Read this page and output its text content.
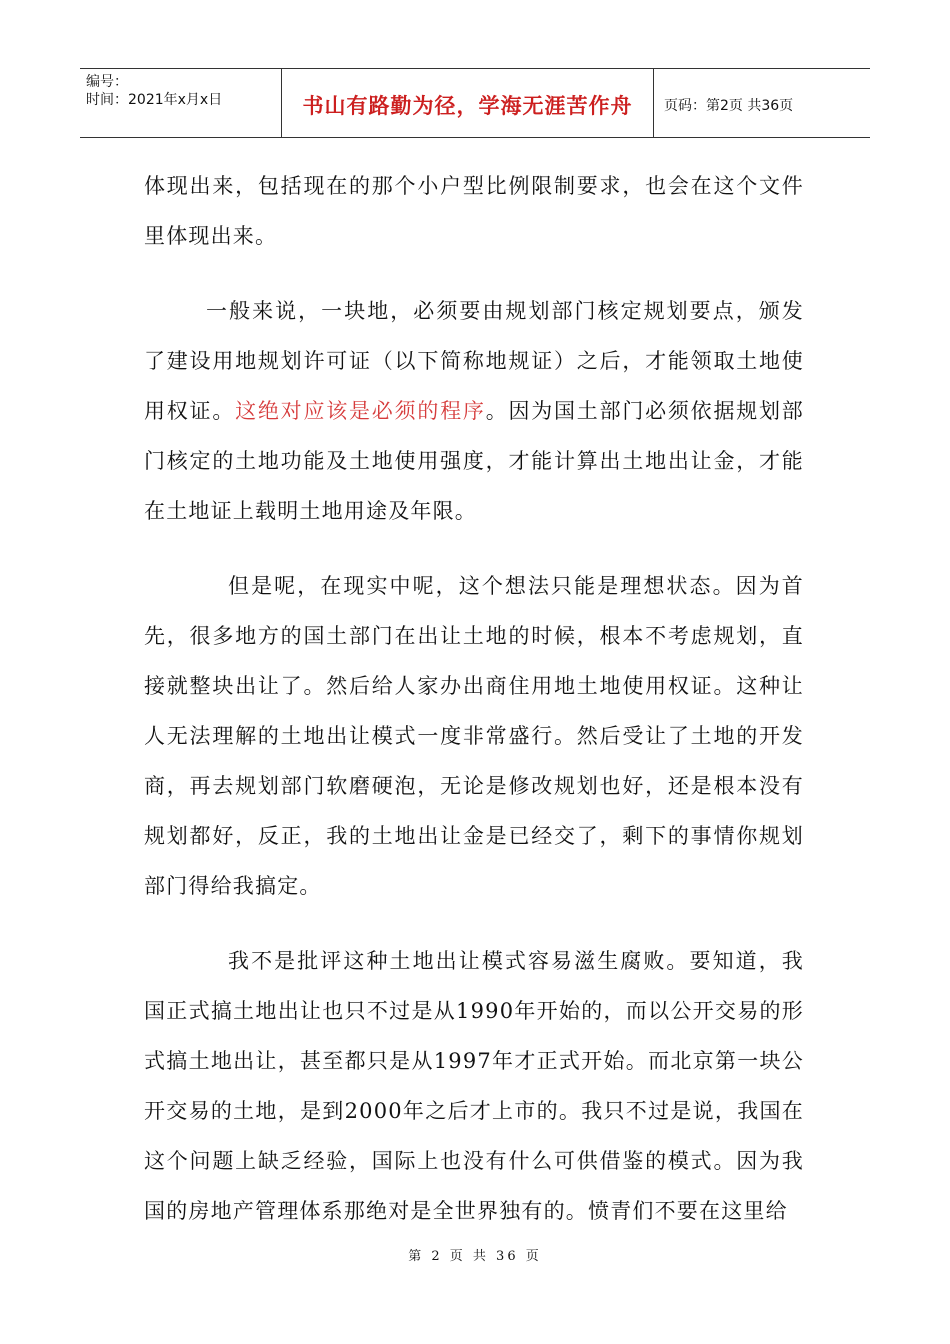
编号：
时间：2021年x月x日	书山有路勤为径，学海无涯苦作舟 页码：第2页 共36页

体现出来，包括现在的那个小户型比例限制要求，也会在这个文件里体现出来。

一般来说，一块地，必须要由规划部门核定规划要点，颁发了建设用地规划许可证（以下简称地规证）之后，才能领取土地使用权证。这绝对应该是必须的程序。因为国土部门必须依据规划部门核定的土地功能及土地使用强度，才能计算出土地出让金，才能在土地证上载明土地用途及年限。

但是呢，在现实中呢，这个想法只能是理想状态。因为首先，很多地方的国土部门在出让土地的时候，根本不考虑规划，直接就整块出让了。然后给人家办出商住用地土地使用权证。这种让人无法理解的土地出让模式一度非常盛行。然后受让了土地的开发商，再去规划部门软磨硬泡，无论是修改规划也好，还是根本没有规划都好，反正，我的土地出让金是已经交了，剩下的事情你规划部门得给我搞定。

我不是批评这种土地出让模式容易滋生腐败。要知道，我国正式搞土地出让也只不过是从1990年开始的，而以公开交易的形式搞土地出让，甚至都只是从1997年才正式开始。而北京第一块公开交易的土地，是到2000年之后才上市的。我只不过是说，我国在这个问题上缺乏经验，国际上也没有什么可供借鉴的模式。因为我国的房地产管理体系那绝对是全世界独有的。愤青们不要在这里给

第 2 页 共 36 页
